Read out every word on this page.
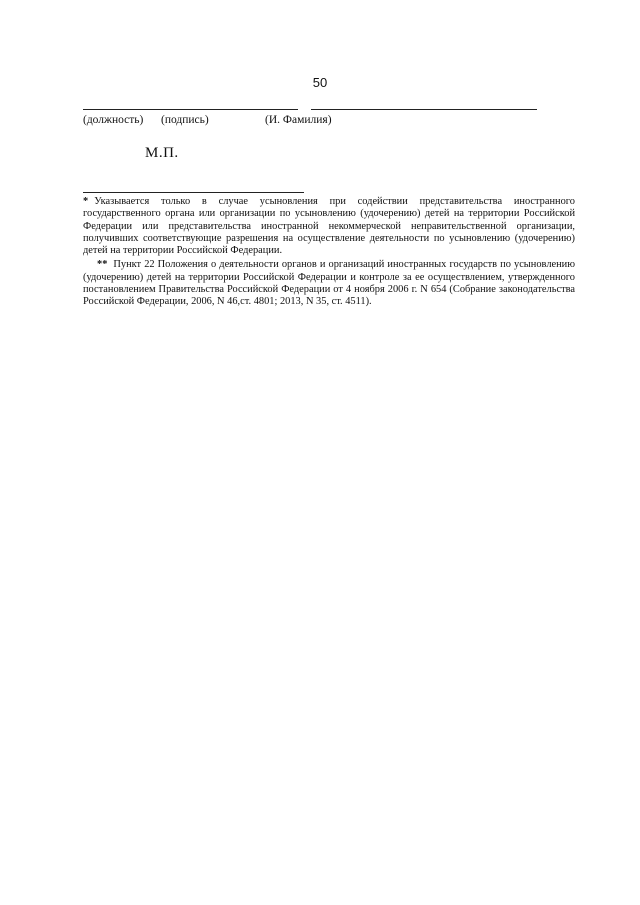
50
(должность) (подпись)	(И. Фамилия)
М.П.

* Указывается только в случае усыновления при содействии представительства иностранного государственного органа или организации по усыновлению (удочерению) детей на территории Российской Федерации или представительства иностранной некоммерческой неправительственной организации, получивших соответствующие разрешения на осуществление деятельности по усыновлению (удочерению) детей на территории Российской Федерации.

** Пункт 22 Положения о деятельности органов и организаций иностранных государств по усыновлению (удочерению) детей на территории Российской Федерации и контроле за ее осуществлением, утвержденного постановлением Правительства Российской Федерации от 4 ноября 2006 г. N 654 (Собрание законодательства Российской Федерации, 2006, N 46,ст. 4801; 2013, N 35, ст. 4511).
